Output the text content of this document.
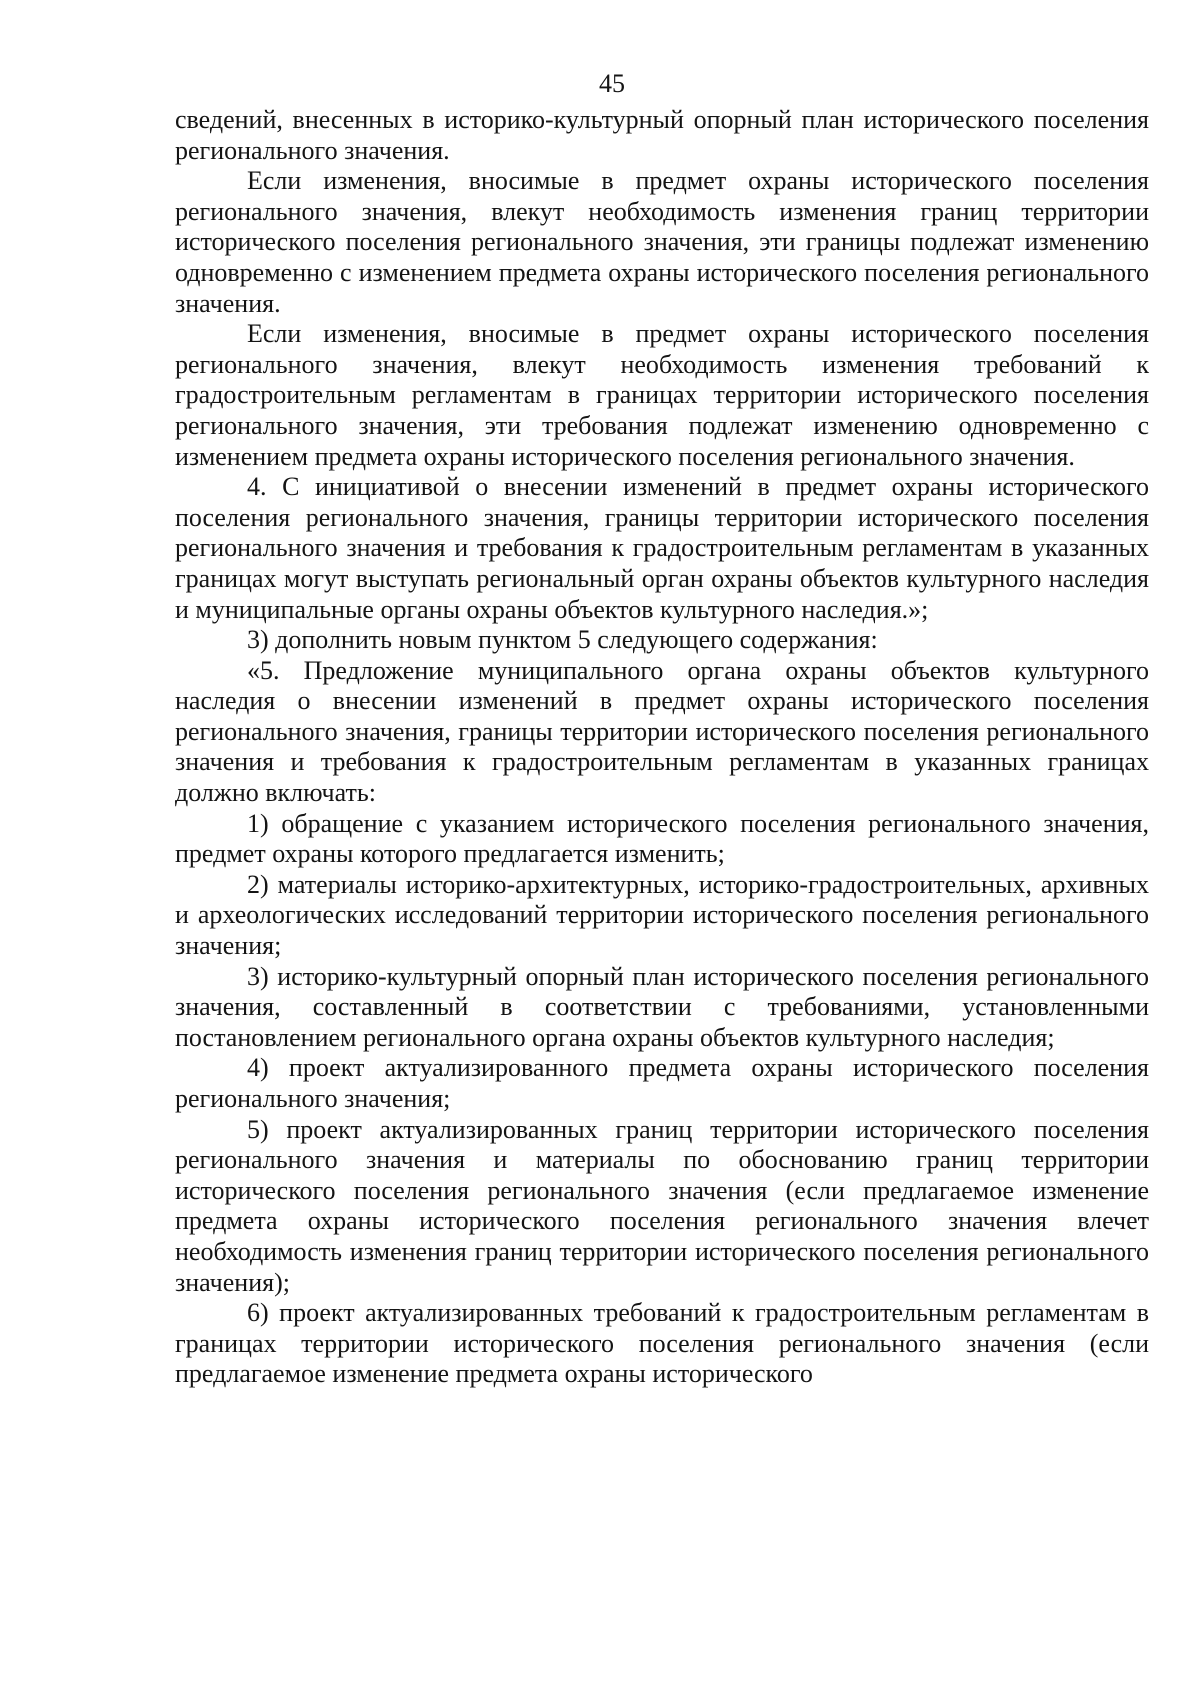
45

сведений, внесенных в историко-культурный опорный план исторического поселения регионального значения.

Если изменения, вносимые в предмет охраны исторического поселения регионального значения, влекут необходимость изменения границ территории исторического поселения регионального значения, эти границы подлежат изменению одновременно с изменением предмета охраны исторического поселения регионального значения.

Если изменения, вносимые в предмет охраны исторического поселения регионального значения, влекут необходимость изменения требований к градостроительным регламентам в границах территории исторического поселения регионального значения, эти требования подлежат изменению одновременно с изменением предмета охраны исторического поселения регионального значения.

4. С инициативой о внесении изменений в предмет охраны исторического поселения регионального значения, границы территории исторического поселения регионального значения и требования к градостроительным регламентам в указанных границах могут выступать региональный орган охраны объектов культурного наследия и муниципальные органы охраны объектов культурного наследия.»;

3) дополнить новым пунктом 5 следующего содержания:

«5. Предложение муниципального органа охраны объектов культурного наследия о внесении изменений в предмет охраны исторического поселения регионального значения, границы территории исторического поселения регионального значения и требования к градостроительным регламентам в указанных границах должно включать:

1) обращение с указанием исторического поселения регионального значения, предмет охраны которого предлагается изменить;

2) материалы историко-архитектурных, историко-градостроительных, архивных и археологических исследований территории исторического поселения регионального значения;

3) историко-культурный опорный план исторического поселения регионального значения, составленный в соответствии с требованиями, установленными постановлением регионального органа охраны объектов культурного наследия;

4) проект актуализированного предмета охраны исторического поселения регионального значения;

5) проект актуализированных границ территории исторического поселения регионального значения и материалы по обоснованию границ территории исторического поселения регионального значения (если предлагаемое изменение предмета охраны исторического поселения регионального значения влечет необходимость изменения границ территории исторического поселения регионального значения);

6) проект актуализированных требований к градостроительным регламентам в границах территории исторического поселения регионального значения (если предлагаемое изменение предмета охраны исторического
